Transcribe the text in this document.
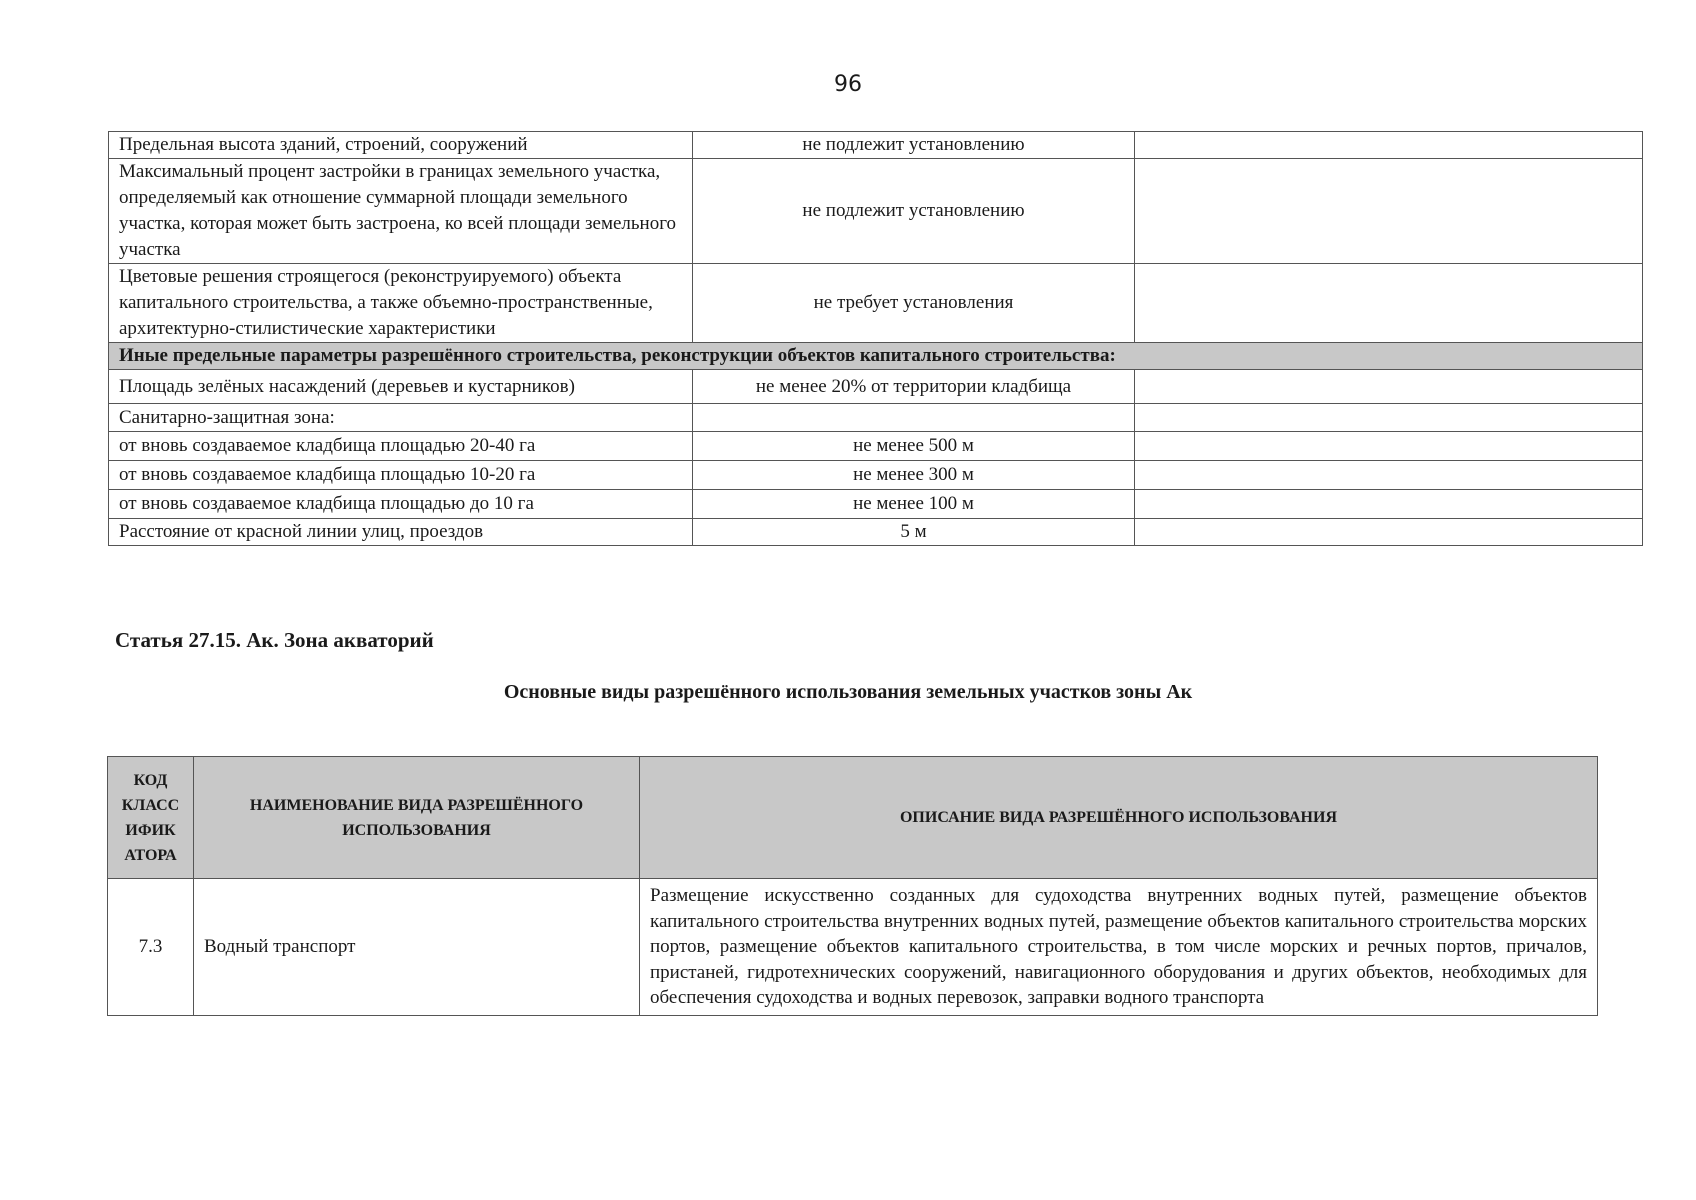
96
Предельная высота зданий, строений, сооружений	не подлежит установлению	
Максимальный процент застройки в границах земельного участка, определяемый как отношение суммарной площади земельного участка, которая может быть застроена, ко всей площади земельного участка	не подлежит установлению	
Цветовые решения строящегося (реконструируемого) объекта капитального строительства, а также объемно-пространственные, архитектурно-стилистические характеристики	не требует установления	
Иные предельные параметры разрешённого строительства, реконструкции объектов капитального строительства:		
Площадь зелёных насаждений (деревьев и кустарников)	не менее 20% от территории кладбища	
Санитарно-защитная зона:		
от вновь создаваемое кладбища площадью 20-40 га	не менее 500 м	
от вновь создаваемое кладбища площадью 10-20 га	не менее 300 м	
от вновь создаваемое кладбища площадью до 10 га	не менее 100 м	
Расстояние от красной линии улиц, проездов	5 м	
Статья 27.15. Ак. Зона акваторий
Основные виды разрешённого использования земельных участков зоны Ак
КОД КЛАСС ИФИК АТОРА	НАИМЕНОВАНИЕ ВИДА РАЗРЕШЁННОГО ИСПОЛЬЗОВАНИЯ	ОПИСАНИЕ ВИДА РАЗРЕШЁННОГО ИСПОЛЬЗОВАНИЯ
7.3	Водный транспорт	Размещение искусственно созданных для судоходства внутренних водных путей, размещение объектов капитального строительства внутренних водных путей, размещение объектов капитального строительства морских портов, размещение объектов капитального строительства, в том числе морских и речных портов, причалов, пристаней, гидротехнических сооружений, навигационного оборудования и других объектов, необходимых для обеспечения судоходства и водных перевозок, заправки водного транспорта
